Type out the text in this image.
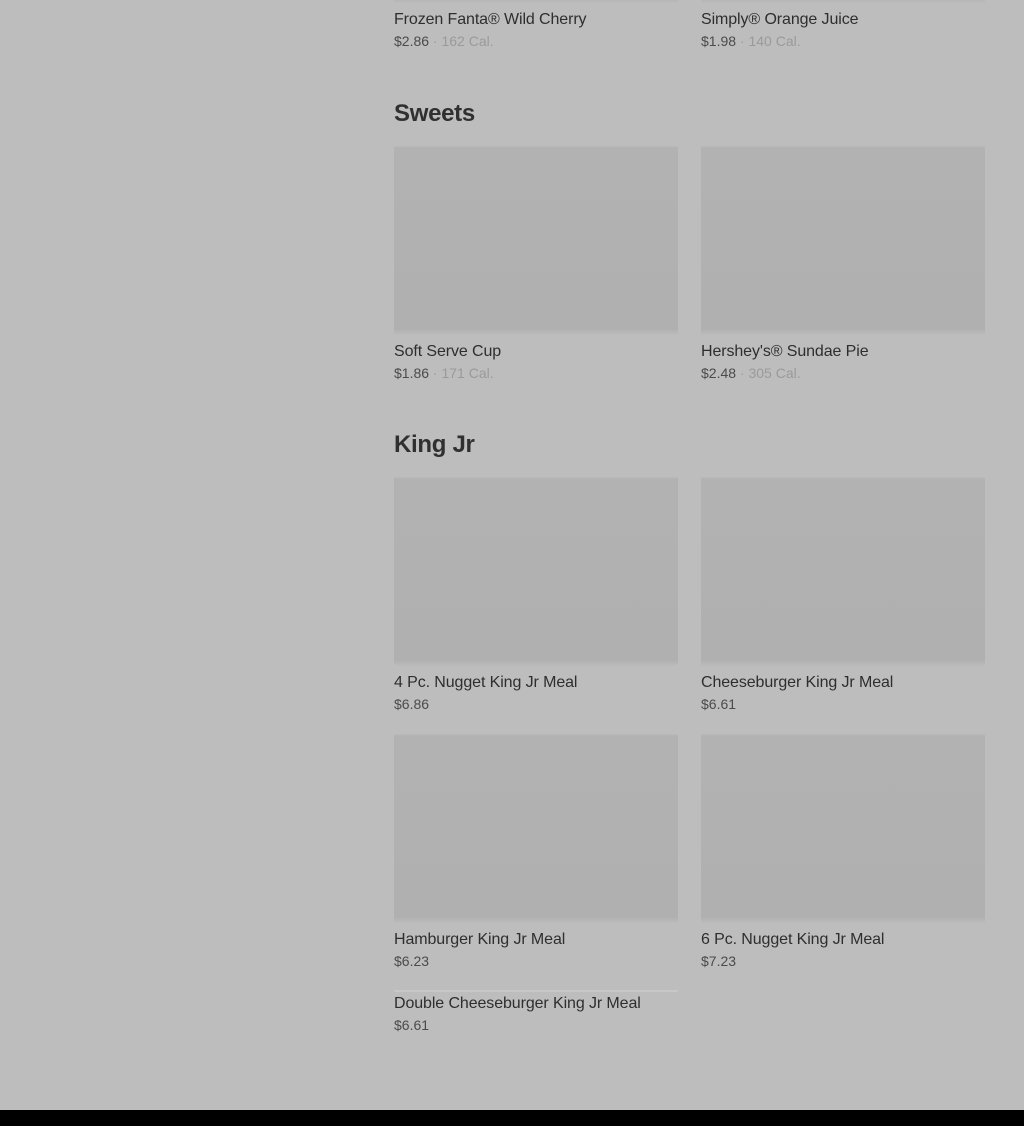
Frozen Fanta® Wild Cherry
$2.86 · 162 Cal.
Simply® Orange Juice
$1.98 · 140 Cal.
Sweets
Soft Serve Cup
$1.86 · 171 Cal.
Hershey's® Sundae Pie
$2.48 · 305 Cal.
King Jr
4 Pc. Nugget King Jr Meal
$6.86
Cheeseburger King Jr Meal
$6.61
Hamburger King Jr Meal
$6.23
6 Pc. Nugget King Jr Meal
$7.23
Double Cheeseburger King Jr Meal
$6.61
